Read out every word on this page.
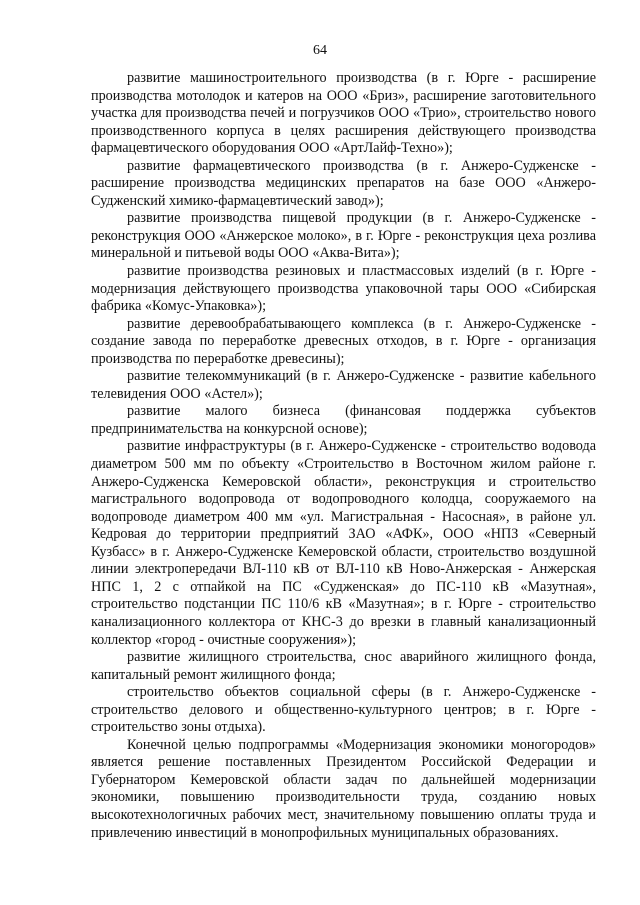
64

развитие машиностроительного производства (в г. Юрге - расширение производства мотолодок и катеров на ООО «Бриз», расширение заготовительного участка для производства печей и погрузчиков ООО «Трио», строительство нового производственного корпуса в целях расширения действующего производства фармацевтического оборудования ООО «АртЛайф-Техно»);

развитие фармацевтического производства (в г. Анжеро-Судженске - расширение производства медицинских препаратов на базе ООО «Анжеро-Судженский химико-фармацевтический завод»);

развитие производства пищевой продукции (в г. Анжеро-Судженске - реконструкция ООО «Анжерское молоко», в г. Юрге - реконструкция цеха розлива минеральной и питьевой воды ООО «Аква-Вита»);

развитие производства резиновых и пластмассовых изделий (в г. Юрге - модернизация действующего производства упаковочной тары ООО «Сибирская фабрика «Комус-Упаковка»);

развитие деревообрабатывающего комплекса (в г. Анжеро-Судженске - создание завода по переработке древесных отходов, в г. Юрге - организация производства по переработке древесины);

развитие телекоммуникаций (в г. Анжеро-Судженске - развитие кабельного телевидения ООО «Астел»);

развитие малого бизнеса (финансовая поддержка субъектов предпринимательства на конкурсной основе);

развитие инфраструктуры (в г. Анжеро-Судженске - строительство водовода диаметром 500 мм по объекту «Строительство в Восточном жилом районе г. Анжеро-Судженска Кемеровской области», реконструкция и строительство магистрального водопровода от водопроводного колодца, сооружаемого на водопроводе диаметром 400 мм «ул. Магистральная - Насосная», в районе ул. Кедровая до территории предприятий ЗАО «АФК», ООО «НПЗ «Северный Кузбасс» в г. Анжеро-Судженске Кемеровской области, строительство воздушной линии электропередачи ВЛ-110 кВ от ВЛ-110 кВ Ново-Анжерская - Анжерская НПС 1, 2 с отпайкой на ПС «Судженская» до ПС-110 кВ «Мазутная», строительство подстанции ПС 110/6 кВ «Мазутная»; в г. Юрге - строительство канализационного коллектора от КНС-3 до врезки в главный канализационный коллектор «город - очистные сооружения»);

развитие жилищного строительства, снос аварийного жилищного фонда, капитальный ремонт жилищного фонда;

строительство объектов социальной сферы (в г. Анжеро-Судженске - строительство делового и общественно-культурного центров; в г. Юрге - строительство зоны отдыха).

Конечной целью подпрограммы «Модернизация экономики моногородов» является решение поставленных Президентом Российской Федерации и Губернатором Кемеровской области задач по дальнейшей модернизации экономики, повышению производительности труда, созданию новых высокотехнологичных рабочих мест, значительному повышению оплаты труда и привлечению инвестиций в монопрофильных муниципальных образованиях.
